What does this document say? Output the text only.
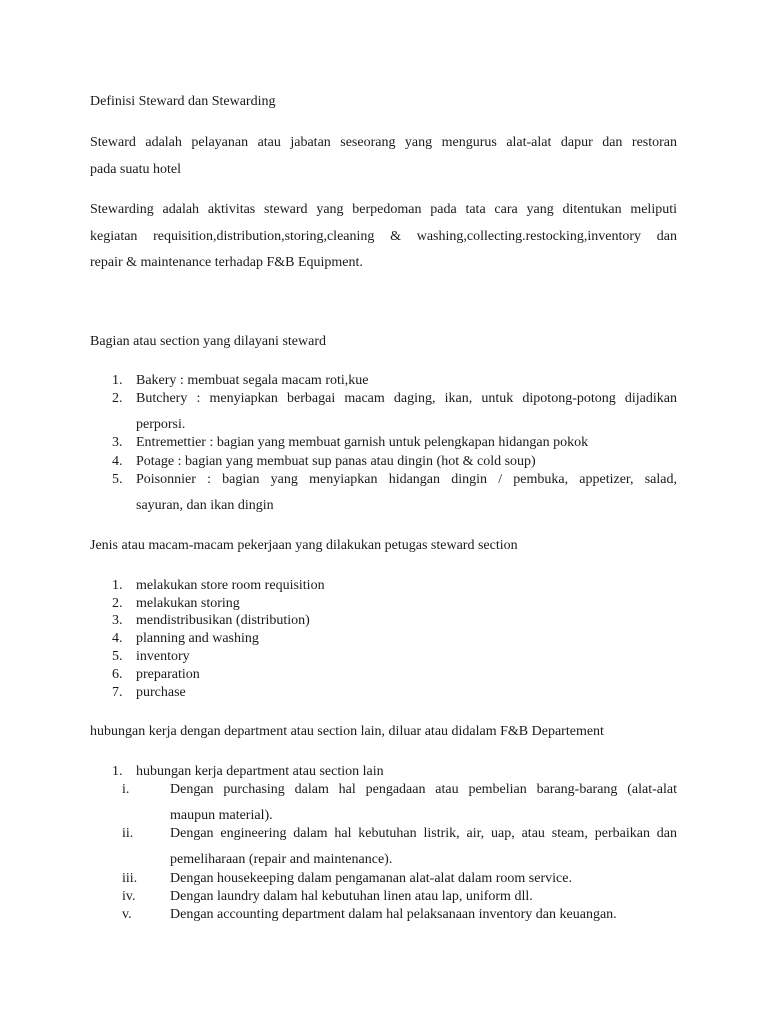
Definisi Steward dan Stewarding

Steward adalah pelayanan atau jabatan seseorang yang mengurus alat-alat dapur dan restoran

pada suatu hotel

Stewarding adalah aktivitas steward yang berpedoman pada tata cara yang ditentukan meliputi

kegiatan requisition,distribution,storing,cleaning & washing,collecting.restocking,inventory dan

repair & maintenance terhadap F&B Equipment.

Bagian atau section yang dilayani steward

1. Bakery : membuat segala macam roti,kue
2. Butchery : menyiapkan berbagai macam daging, ikan, untuk dipotong-potong dijadikan
perporsi.
3. Entremettier : bagian yang membuat garnish untuk pelengkapan hidangan pokok
4. Potage : bagian yang membuat sup panas atau dingin (hot & cold soup)
5. Poisonnier : bagian yang menyiapkan hidangan dingin / pembuka, appetizer, salad,
sayuran, dan ikan dingin

Jenis atau macam-macam pekerjaan yang dilakukan petugas steward section

1. melakukan store room requisition
2. melakukan storing
3. mendistribusikan (distribution)
4. planning and washing
5. inventory
6. preparation
7. purchase

hubungan kerja dengan department atau section lain, diluar atau didalam F&B Departement

1. hubungan kerja department atau section lain
i.	Dengan purchasing dalam hal pengadaan atau pembelian barang-barang (alat-alat
maupun material).
ii.	Dengan engineering dalam hal kebutuhan listrik, air, uap, atau steam, perbaikan dan
pemeliharaan (repair and maintenance).
iii.	Dengan housekeeping dalam pengamanan alat-alat dalam room service.
iv.	Dengan laundry dalam hal kebutuhan linen atau lap, uniform dll.
v.	Dengan accounting department dalam hal pelaksanaan inventory dan keuangan.
